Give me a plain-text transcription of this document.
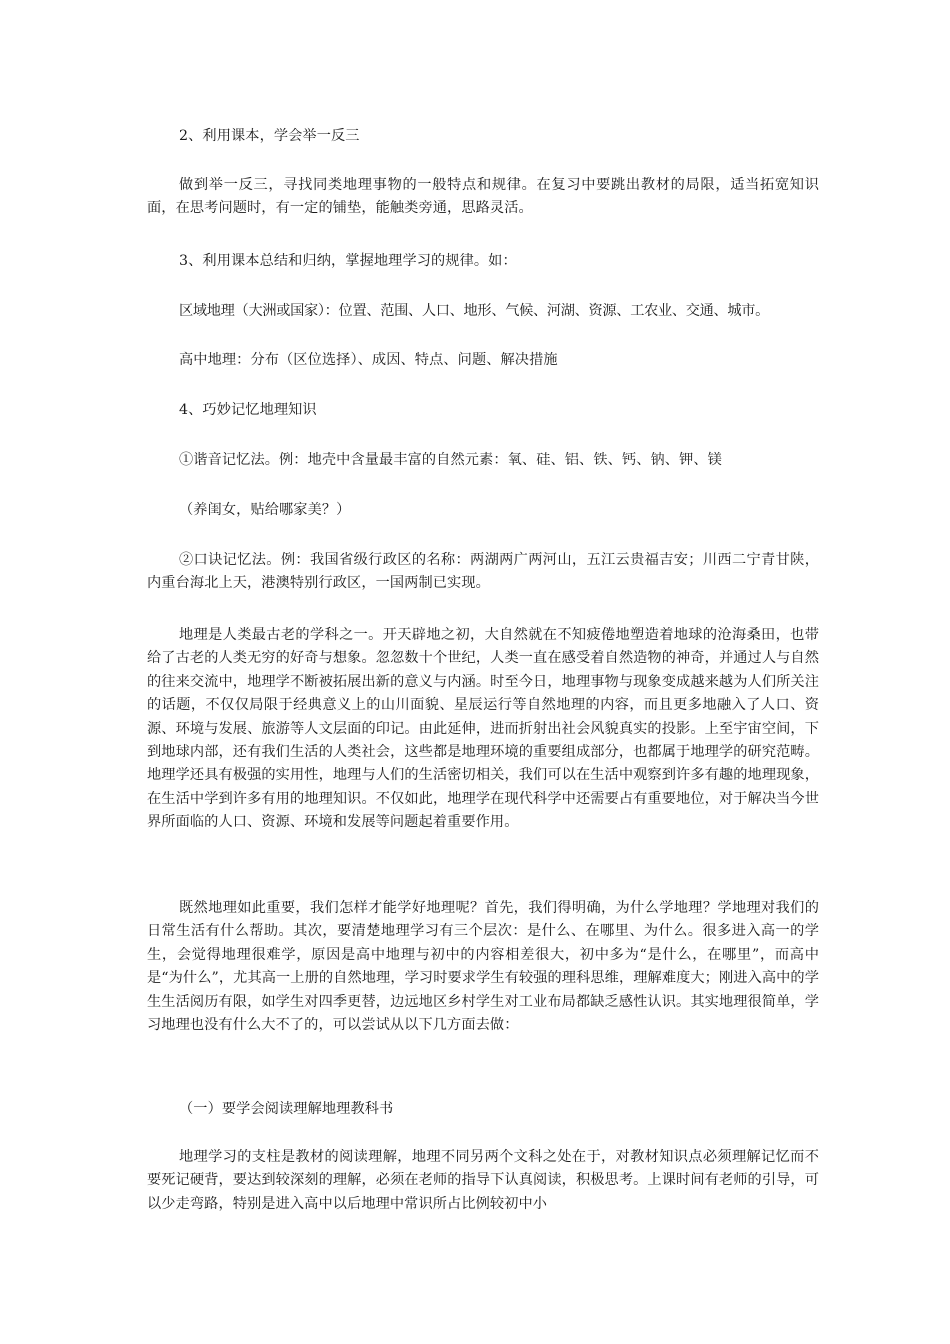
2、利用课本，学会举一反三

做到举一反三，寻找同类地理事物的一般特点和规律。在复习中要跳出教材的局限，适当拓宽知识面，在思考问题时，有一定的铺垫，能触类旁通，思路灵活。

3、利用课本总结和归纳，掌握地理学习的规律。如：

区域地理（大洲或国家）：位置、范围、人口、地形、气候、河湖、资源、工农业、交通、城市。

高中地理：分布（区位选择）、成因、特点、问题、解决措施

4、巧妙记忆地理知识

①谐音记忆法。例：地壳中含量最丰富的自然元素：氧、硅、铝、铁、钙、钠、钾、镁

（养闺女，贴给哪家美？）

②口诀记忆法。例：我国省级行政区的名称：两湖两广两河山，五江云贵福吉安；川西二宁青甘陕，内重台海北上天，港澳特别行政区，一国两制已实现。

地理是人类最古老的学科之一。开天辟地之初，大自然就在不知疲倦地塑造着地球的沧海桑田，也带给了古老的人类无穷的好奇与想象。忽忽数十个世纪，人类一直在感受着自然造物的神奇，并通过人与自然的往来交流中，地理学不断被拓展出新的意义与内涵。时至今日，地理事物与现象变成越来越为人们所关注的话题，不仅仅局限于经典意义上的山川面貌、星辰运行等自然地理的内容，而且更多地融入了人口、资源、环境与发展、旅游等人文层面的印记。由此延伸，进而折射出社会风貌真实的投影。上至宇宙空间，下到地球内部，还有我们生活的人类社会，这些都是地理环境的重要组成部分，也都属于地理学的研究范畴。地理学还具有极强的实用性，地理与人们的生活密切相关，我们可以在生活中观察到许多有趣的地理现象，在生活中学到许多有用的地理知识。不仅如此，地理学在现代科学中还需要占有重要地位，对于解决当今世界所面临的人口、资源、环境和发展等问题起着重要作用。

既然地理如此重要，我们怎样才能学好地理呢？首先，我们得明确，为什么学地理？学地理对我们的日常生活有什么帮助。其次，要清楚地理学习有三个层次：是什么、在哪里、为什么。很多进入高一的学生，会觉得地理很难学，原因是高中地理与初中的内容相差很大，初中多为“是什么，在哪里”，而高中是“为什么”，尤其高一上册的自然地理，学习时要求学生有较强的理科思维，理解难度大；刚进入高中的学生生活阅历有限，如学生对四季更替，边远地区乡村学生对工业布局都缺乏感性认识。其实地理很简单，学习地理也没有什么大不了的，可以尝试从以下几方面去做：

（一）要学会阅读理解地理教科书

地理学习的支柱是教材的阅读理解，地理不同另两个文科之处在于，对教材知识点必须理解记忆而不要死记硬背，要达到较深刻的理解，必须在老师的指导下认真阅读，积极思考。上课时间有老师的引导，可以少走弯路，特别是进入高中以后地理中常识所占比例较初中小
